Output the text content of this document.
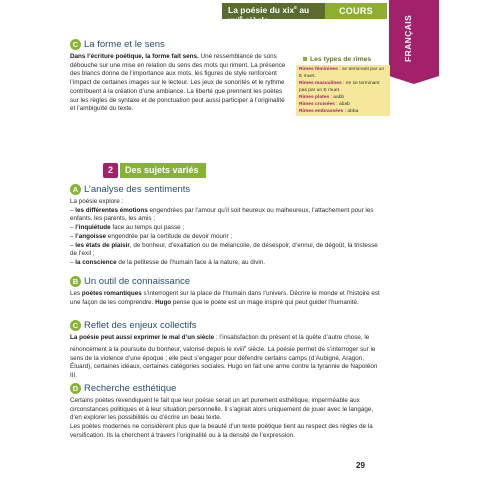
La poésie du xix$^e$ au xxi$^e$ siècle
COURS
FRANÇAIS
C La forme et le sens
Dans l’écriture poétique, la forme fait sens. Une ressemblance de sons débouche sur une mise en relation du sens des mots qui riment. La présence des blancs donne de l’importance aux mots, les figures de style renforcent l’impact de certaines images sur le lecteur. Les jeux de sonorités et le rythme contribuent à la création d’une ambiance. La liberté que prennent les poètes sur les règles de syntaxe et de ponctuation peut aussi participer à l’originalité et l’ambiguïté du texte.
Les types de rimes
Rimes féminines : se terminant par un E muet.
Rimes masculines : ne se terminant pas par un E muet.
Rimes plates : aabb
Rimes croisées : abab
Rimes embrassées : abba
2	Des sujets variés
A L’analyse des sentiments
La poésie explore :
– les différentes émotions engendrées par l’amour qu’il soit heureux ou malheureux, l’attachement pour les enfants, les parents, les amis ;
– l’inquiétude face au temps qui passe ;
– l’angoisse engendrée par la certitude de devoir mourir ;
– les états de plaisir, de bonheur, d’exaltation ou de mélancolie, de désespoir, d’ennui, de dégoût, la tristesse de l’exil ;
– la conscience de la petitesse de l’humain face à la nature, au divin.
B Un outil de connaissance
Les poètes romantiques s’interrogent sur la place de l’humain dans l’univers. Décrire le monde et l’histoire est une façon de les comprendre. Hugo pense que le poète est un mage inspiré qui peut guider l’humanité.
C Reflet des enjeux collectifs
La poésie peut aussi exprimer le mal d’un siècle : l’insatisfaction du présent et la quête d’autre chose, le renoncement à la poursuite du bonheur, valorisé depuis le xviii$^e$ siècle. La poésie permet de s’interroger sur le sens de la violence d’une époque ; elle peut s’engager pour défendre certains camps (d’Aubigné, Aragon, Éluard), certaines idéaux, certaines catégories sociales. Hugo en fait une arme contre la tyrannie de Napoléon III.
D Recherche esthétique
Certains poètes revendiquent le fait que leur poésie serait un art purement esthétique, imperméable aux circonstances politiques et à leur situation personnelle. Il s’agirait alors uniquement de jouer avec le langage, d’en explorer les possibilités ou d’écrire un beau texte.
Les poètes modernes ne considèrent plus que la beauté d’un texte poétique tient au respect des règles de la versification. Ils la cherchent à travers l’originalité ou à la densité de l’expression.
29
